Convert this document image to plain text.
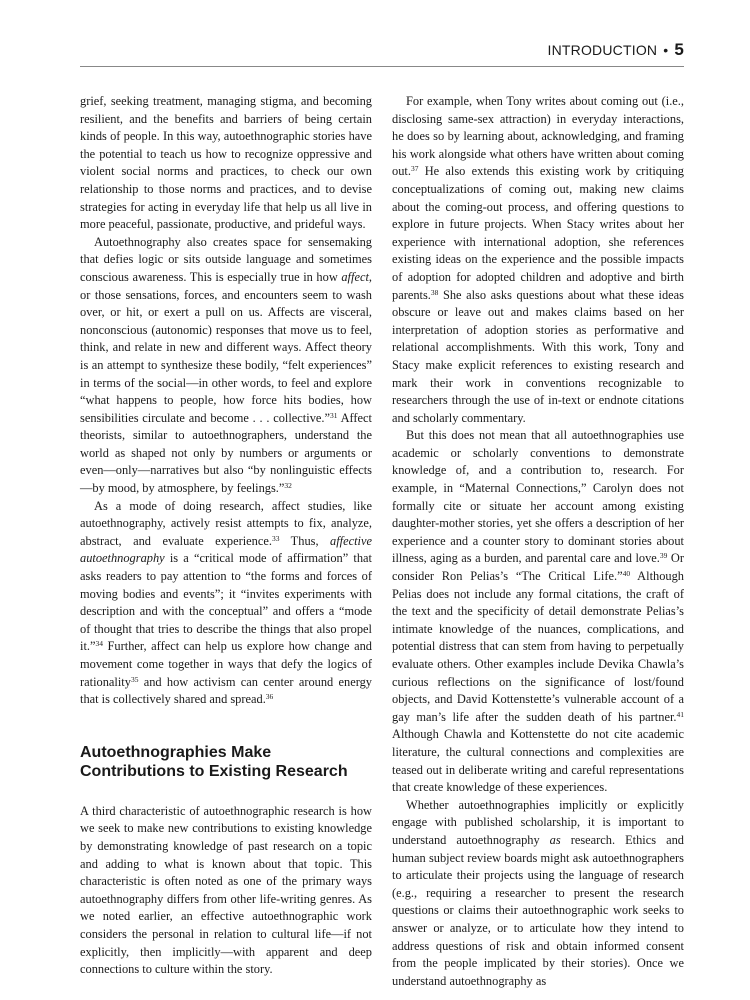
INTRODUCTION • 5

grief, seeking treatment, managing stigma, and becoming resilient, and the benefits and barriers of being certain kinds of people. In this way, autoethnographic stories have the potential to teach us how to recognize oppressive and violent social norms and practices, to check our own relationship to those norms and practices, and to devise strategies for acting in everyday life that help us all live in more peaceful, passionate, productive, and prideful ways.

Autoethnography also creates space for sensemaking that defies logic or sits outside language and sometimes conscious awareness. This is especially true in how affect, or those sensations, forces, and encounters seem to wash over, or hit, or exert a pull on us. Affects are visceral, nonconscious (autonomic) responses that move us to feel, think, and relate in new and different ways. Affect theory is an attempt to synthesize these bodily, “felt experiences” in terms of the social—in other words, to feel and explore “what happens to people, how force hits bodies, how sensibilities circulate and become . . . collective.”$^{31}$ Affect theorists, similar to autoethnographers, understand the world as shaped not only by numbers or arguments or even—only—narratives but also “by nonlinguistic effects—by mood, by atmosphere, by feelings.”$^{32}$

As a mode of doing research, affect studies, like autoethnography, actively resist attempts to fix, analyze, abstract, and evaluate experience.$^{33}$ Thus, affective autoethnography is a “critical mode of affirmation” that asks readers to pay attention to “the forms and forces of moving bodies and events”; it “invites experiments with description and with the conceptual” and offers a “mode of thought that tries to describe the things that also propel it.”$^{34}$ Further, affect can help us explore how change and movement come together in ways that defy the logics of rationality$^{35}$ and how activism can center around energy that is collectively shared and spread.$^{36}$

Autoethnographies Make
Contributions to Existing Research

A third characteristic of autoethnographic research is how we seek to make new contributions to existing knowledge by demonstrating knowledge of past research on a topic and adding to what is known about that topic. This characteristic is often noted as one of the primary ways autoethnography differs from other life-writing genres. As we noted earlier, an effective autoethnographic work considers the personal in relation to cultural life—if not explicitly, then implicitly—with apparent and deep connections to culture within the story.

For example, when Tony writes about coming out (i.e., disclosing same-sex attraction) in everyday interactions, he does so by learning about, acknowledging, and framing his work alongside what others have written about coming out.$^{37}$ He also extends this existing work by critiquing conceptualizations of coming out, making new claims about the coming-out process, and offering questions to explore in future projects. When Stacy writes about her experience with international adoption, she references existing ideas on the experience and the possible impacts of adoption for adopted children and adoptive and birth parents.$^{38}$ She also asks questions about what these ideas obscure or leave out and makes claims based on her interpretation of adoption stories as performative and relational accomplishments. With this work, Tony and Stacy make explicit references to existing research and mark their work in conventions recognizable to researchers through the use of in-text or endnote citations and scholarly commentary.

But this does not mean that all autoethnographies use academic or scholarly conventions to demonstrate knowledge of, and a contribution to, research. For example, in “Maternal Connections,” Carolyn does not formally cite or situate her account among existing daughter-mother stories, yet she offers a description of her experience and a counter story to dominant stories about illness, aging as a burden, and parental care and love.$^{39}$ Or consider Ron Pelias’s “The Critical Life.”$^{40}$ Although Pelias does not include any formal citations, the craft of the text and the specificity of detail demonstrate Pelias’s intimate knowledge of the nuances, complications, and potential distress that can stem from having to perpetually evaluate others. Other examples include Devika Chawla’s curious reflections on the significance of lost/found objects, and David Kottenstette’s vulnerable account of a gay man’s life after the sudden death of his partner.$^{41}$ Although Chawla and Kottenstette do not cite academic literature, the cultural connections and complexities are teased out in deliberate writing and careful representations that create knowledge of these experiences.

Whether autoethnographies implicitly or explicitly engage with published scholarship, it is important to understand autoethnography as research. Ethics and human subject review boards might ask autoethnographers to articulate their projects using the language of research (e.g., requiring a researcher to present the research questions or claims their autoethnographic work seeks to answer or analyze, or to articulate how they intend to address questions of risk and obtain informed consent from the people implicated by their stories). Once we understand autoethnography as
